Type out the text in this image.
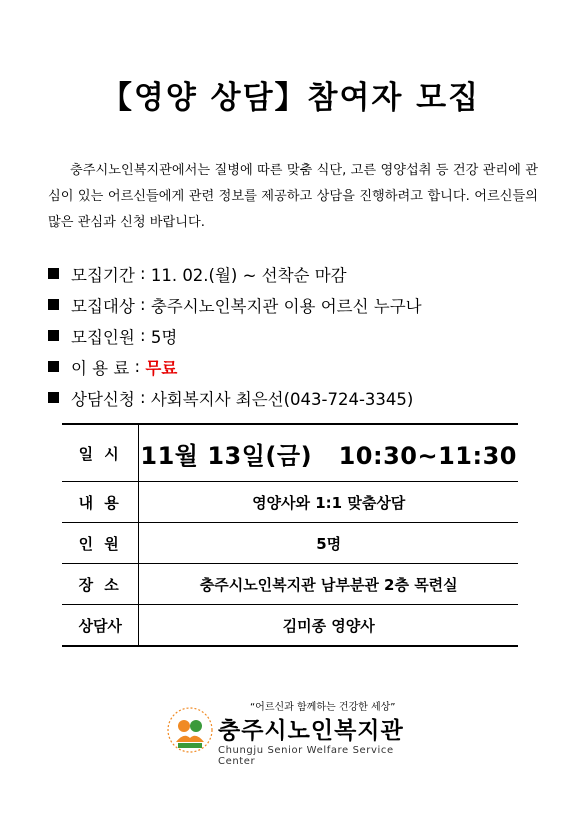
【영양 상담】참여자 모집

충주시노인복지관에서는 질병에 따른 맞춤 식단, 고른 영양섭취 등 건강 관리에 관심이 있는 어르신들에게 관련 정보를 제공하고 상담을 진행하려고 합니다. 어르신들의 많은 관심과 신청 바랍니다.

모집기간 : 11. 02.(월) ~ 선착순 마감
모집대상 : 충주시노인복지관 이용 어르신 누구나
모집인원 : 5명
이 용 료 : 무료
상담신청 : 사회복지사 최은선(043-724-3345)
일 시	11월 13일(금)   10:30~11:30
내 용	영양사와 1:1 맞춤상담
인 원	5명
장 소	충주시노인복지관 남부분관 2층 목련실
상담사	김미종 영양사
“어르신과 함께하는 건강한 세상”
충주시노인복지관
Chungju Senior Welfare Service Center
